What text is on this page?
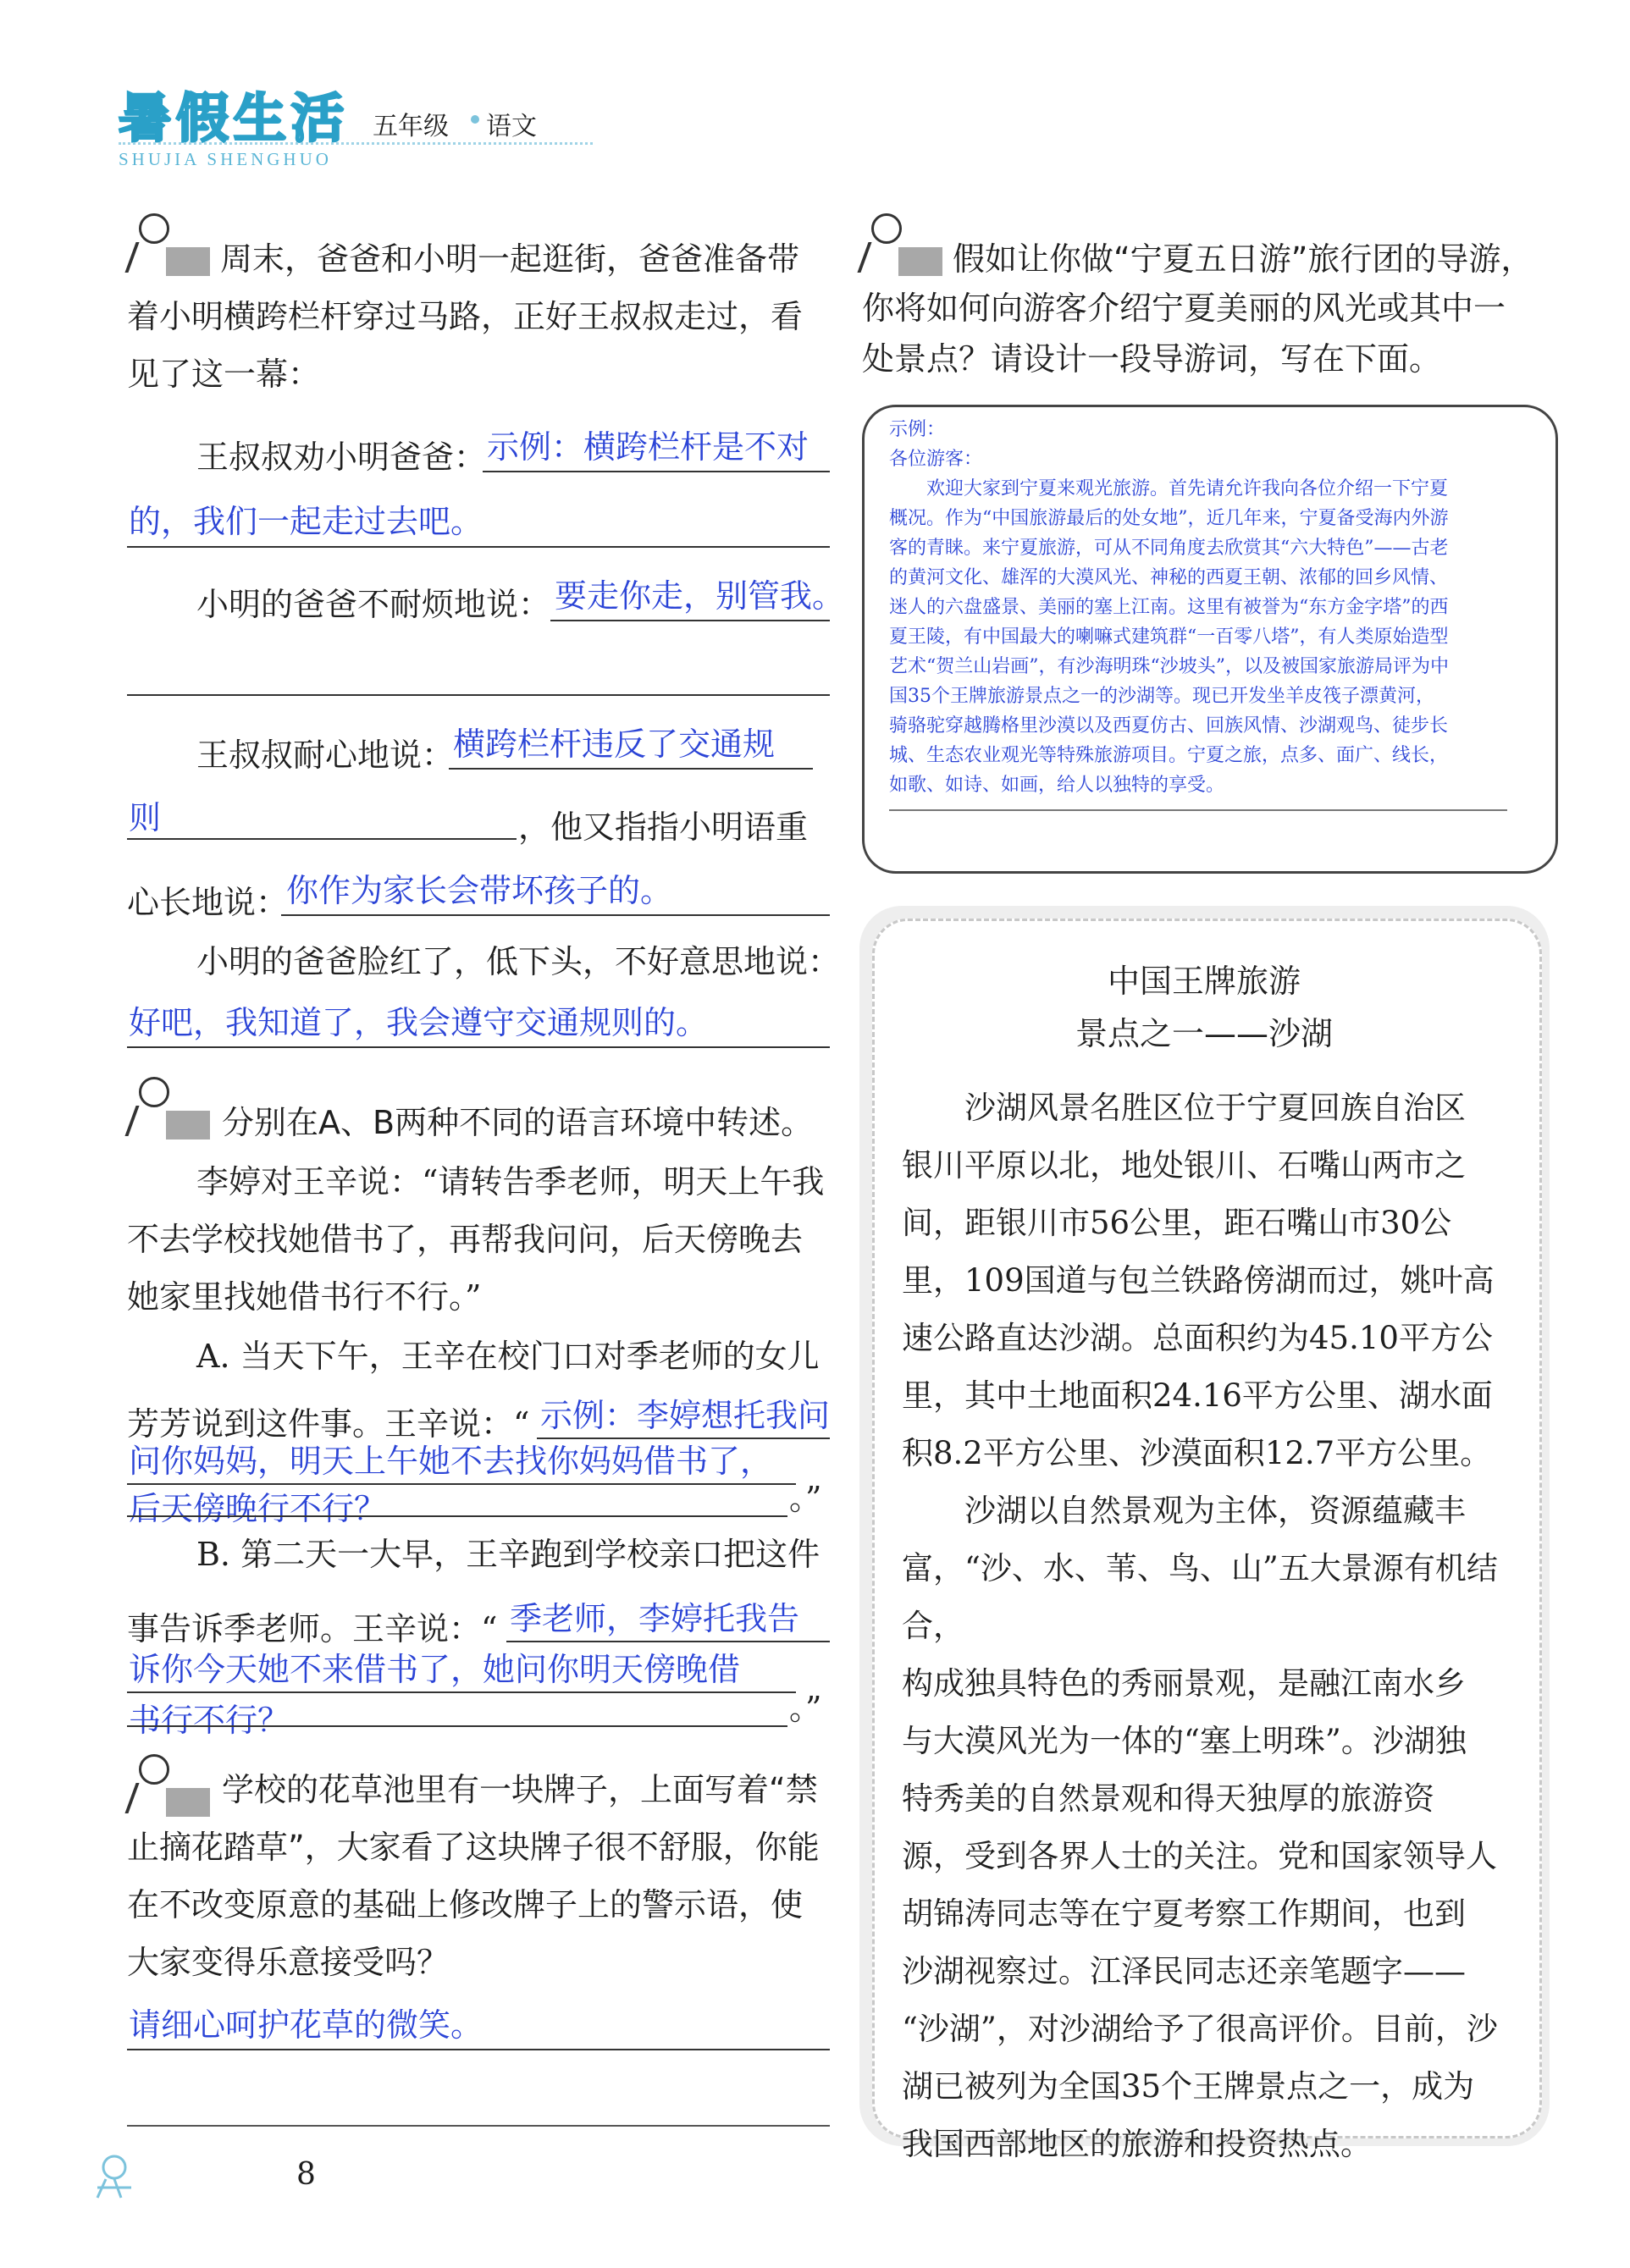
暑假生活
SHUJIA SHENGHUO
五年级 语文
周末，爸爸和小明一起逛街，爸爸准备带
着小明横跨栏杆穿过马路，正好王叔叔走过，看
见了这一幕：
王叔叔劝小明爸爸： 示例：横跨栏杆是不对
的，我们一起走过去吧。
小明的爸爸不耐烦地说： 要走你走，别管我。
王叔叔耐心地说：
横跨栏杆违反了交通规
则	，他又指指小明语重
心长地说：
你作为家长会带坏孩子的。
小明的爸爸脸红了，低下头，不好意思地说：
好吧，我知道了，我会遵守交通规则的。
分别在A、B两种不同的语言环境中转述。
李婷对王辛说：“请转告季老师，明天上午我
不去学校找她借书了，再帮我问问，后天傍晚去
她家里找她借书行不行。”
A. 当天下午，王辛在校门口对季老师的女儿
芳芳说到这件事。王辛说：“ 示例：李婷想托我问
问你妈妈，明天上午她不去找你妈妈借书了，
后天傍晚行不行？	。”
B. 第二天一大早，王辛跑到学校亲口把这件
事告诉季老师。王辛说：“ 季老师，李婷托我告
诉你今天她不来借书了，她问你明天傍晚借
书行不行？	。”
学校的花草池里有一块牌子，上面写着“禁
止摘花踏草”，大家看了这块牌子很不舒服，你能
在不改变原意的基础上修改牌子上的警示语，使
大家变得乐意接受吗？
请细心呵护花草的微笑。
假如让你做“宁夏五日游”旅行团的导游，
你将如何向游客介绍宁夏美丽的风光或其中一
处景点？请设计一段导游词，写在下面。
示例：
各位游客：
　　欢迎大家到宁夏来观光旅游。首先请允许我向各位介绍一下宁夏
概况。作为“中国旅游最后的处女地”，近几年来，宁夏备受海内外游
客的青睐。来宁夏旅游，可从不同角度去欣赏其“六大特色”——古老
的黄河文化、雄浑的大漠风光、神秘的西夏王朝、浓郁的回乡风情、
迷人的六盘盛景、美丽的塞上江南。这里有被誉为“东方金字塔”的西
夏王陵，有中国最大的喇嘛式建筑群“一百零八塔”，有人类原始造型
艺术“贺兰山岩画”，有沙海明珠“沙坡头”，以及被国家旅游局评为中
国35个王牌旅游景点之一的沙湖等。现已开发坐羊皮筏子漂黄河，
骑骆驼穿越腾格里沙漠以及西夏仿古、回族风情、沙湖观鸟、徒步长
城、生态农业观光等特殊旅游项目。宁夏之旅，点多、面广、线长，
如歌、如诗、如画，给人以独特的享受。
中国王牌旅游
景点之一——沙湖
　　沙湖风景名胜区位于宁夏回族自治区
银川平原以北，地处银川、石嘴山两市之
间，距银川市56公里，距石嘴山市30公
里，109国道与包兰铁路傍湖而过，姚叶高
速公路直达沙湖。总面积约为45.10平方公
里，其中土地面积24.16平方公里、湖水面
积8.2平方公里、沙漠面积12.7平方公里。
　　沙湖以自然景观为主体，资源蕴藏丰
富，“沙、水、苇、鸟、山”五大景源有机结合，
构成独具特色的秀丽景观，是融江南水乡
与大漠风光为一体的“塞上明珠”。沙湖独
特秀美的自然景观和得天独厚的旅游资
源，受到各界人士的关注。党和国家领导人
胡锦涛同志等在宁夏考察工作期间，也到
沙湖视察过。江泽民同志还亲笔题字——
“沙湖”，对沙湖给予了很高评价。目前，沙
湖已被列为全国35个王牌景点之一，成为
我国西部地区的旅游和投资热点。
8
